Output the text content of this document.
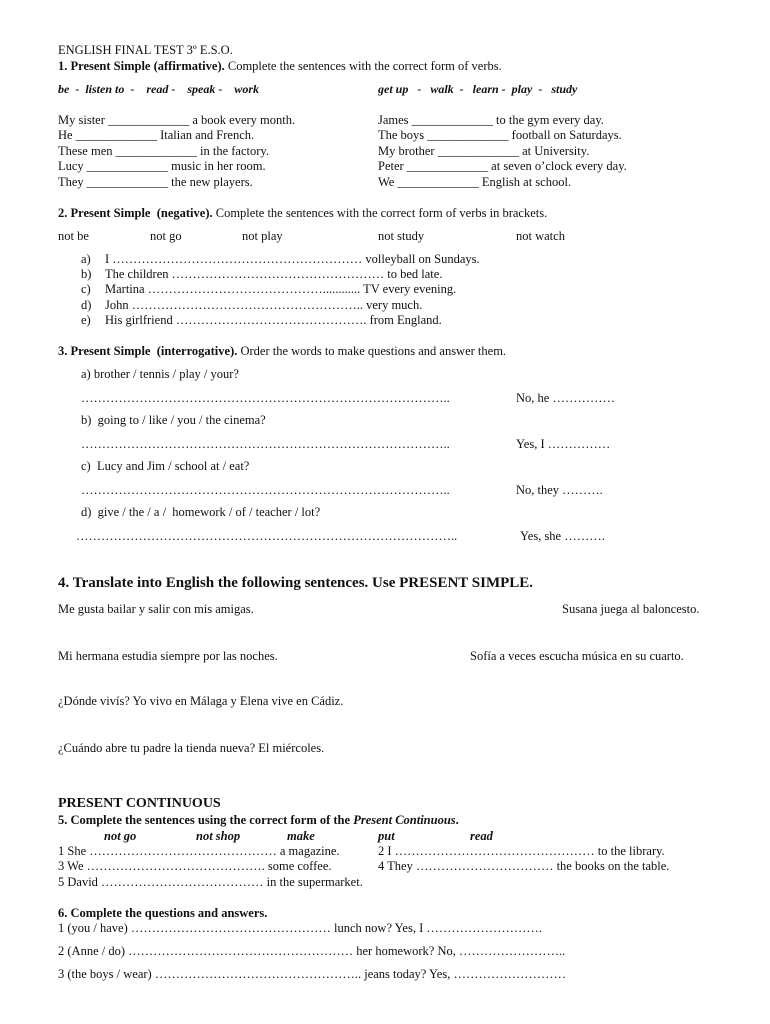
ENGLISH FINAL TEST 3º E.S.O.
1. Present Simple (affirmative). Complete the sentences with the correct form of verbs.
be  -  listen to  -    read -    speak -    work	get up   -   walk  -   learn -  play  -   study
My sister _____________ a book every month.
He _____________ Italian and French.
These men _____________ in the factory.
Lucy _____________ music in her room.
They _____________ the new players.
James _____________ to the gym every day.
The boys _____________ football on Saturdays.
My brother _____________ at University.
Peter _____________ at seven o’clock every day.
We _____________ English at school.
2. Present Simple  (negative). Complete the sentences with the correct form of verbs in brackets.
not be	not go	not play	not study	not watch
a) I …………………………………………………… volleyball on Sundays.
b) The children …………………………………………… to bed late.
c) Martina ……………………………………............ TV every evening.
d) John ……………………………………………….. very much.
e) His girlfriend ………………………………………. from England.
3. Present Simple  (interrogative). Order the words to make questions and answer them.
a) brother / tennis / play / your?
……………………………………………………………………………..	No, he ……………
b)  going to / like / you / the cinema?
……………………………………………………………………………..	Yes, I ……………
c)  Lucy and Jim / school at / eat?
……………………………………………………………………………..	No, they ……….
d)  give / the / a /  homework / of / teacher / lot?
………………………………………………………………………………..	Yes, she ……….
4. Translate into English the following sentences. Use PRESENT SIMPLE.
Me gusta bailar y salir con mis amigas.	Susana juega al baloncesto.
Mi hermana estudia siempre por las noches.	Sofía a veces escucha música en su cuarto.
¿Dónde vivís? Yo vivo en Málaga y Elena vive en Cádiz.
¿Cuándo abre tu padre la tienda nueva? El miércoles.
PRESENT CONTINUOUS
5. Complete the sentences using the correct form of the Present Continuous.
not go	not shop	make	put	read
1 She ……………………………………… a magazine.	2 I ………………………………………… to the library.
3 We ……………………………………. some coffee.	4 They …………………………… the books on the table.
5 David ………………………………… in the supermarket.
6. Complete the questions and answers.
1 (you / have) ………………………………………… lunch now? Yes, I ……………………….
2 (Anne / do) ……………………………………………… her homework? No, ……………………..
3 (the boys / wear) ………………………………………….. jeans today? Yes, ………………………
